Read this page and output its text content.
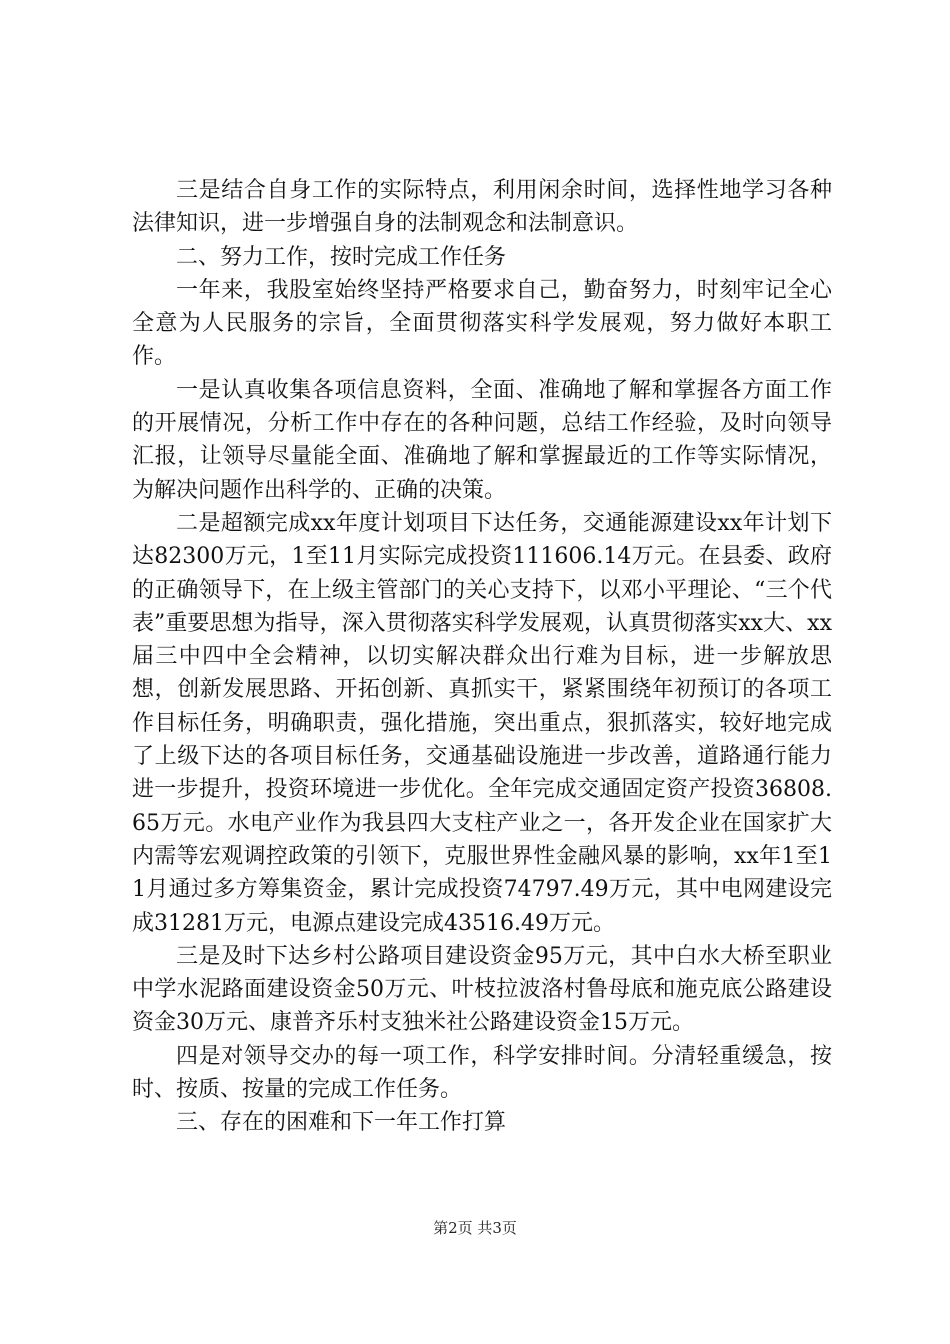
三是结合自身工作的实际特点，利用闲余时间，选择性地学习各种法律知识，进一步增强自身的法制观念和法制意识。

二、努力工作，按时完成工作任务

一年来，我股室始终坚持严格要求自己，勤奋努力，时刻牢记全心全意为人民服务的宗旨，全面贯彻落实科学发展观，努力做好本职工作。

一是认真收集各项信息资料，全面、准确地了解和掌握各方面工作的开展情况，分析工作中存在的各种问题，总结工作经验，及时向领导汇报，让领导尽量能全面、准确地了解和掌握最近的工作等实际情况，为解决问题作出科学的、正确的决策。

二是超额完成xx年度计划项目下达任务，交通能源建设xx年计划下达82300万元，1至11月实际完成投资111606.14万元。在县委、政府的正确领导下，在上级主管部门的关心支持下，以邓小平理论、“三个代表”重要思想为指导，深入贯彻落实科学发展观，认真贯彻落实xx大、xx届三中四中全会精神，以切实解决群众出行难为目标，进一步解放思想，创新发展思路、开拓创新、真抓实干，紧紧围绕年初预订的各项工作目标任务，明确职责，强化措施，突出重点，狠抓落实，较好地完成了上级下达的各项目标任务，交通基础设施进一步改善，道路通行能力进一步提升，投资环境进一步优化。全年完成交通固定资产投资36808.65万元。水电产业作为我县四大支柱产业之一，各开发企业在国家扩大内需等宏观调控政策的引领下，克服世界性金融风暴的影响，xx年1至11月通过多方筹集资金，累计完成投资74797.49万元，其中电网建设完成31281万元，电源点建设完成43516.49万元。

三是及时下达乡村公路项目建设资金95万元，其中白水大桥至职业中学水泥路面建设资金50万元、叶枝拉波洛村鲁母底和施克底公路建设资金30万元、康普齐乐村支独米社公路建设资金15万元。

四是对领导交办的每一项工作，科学安排时间。分清轻重缓急，按时、按质、按量的完成工作任务。

三、存在的困难和下一年工作打算

第2页 共3页
